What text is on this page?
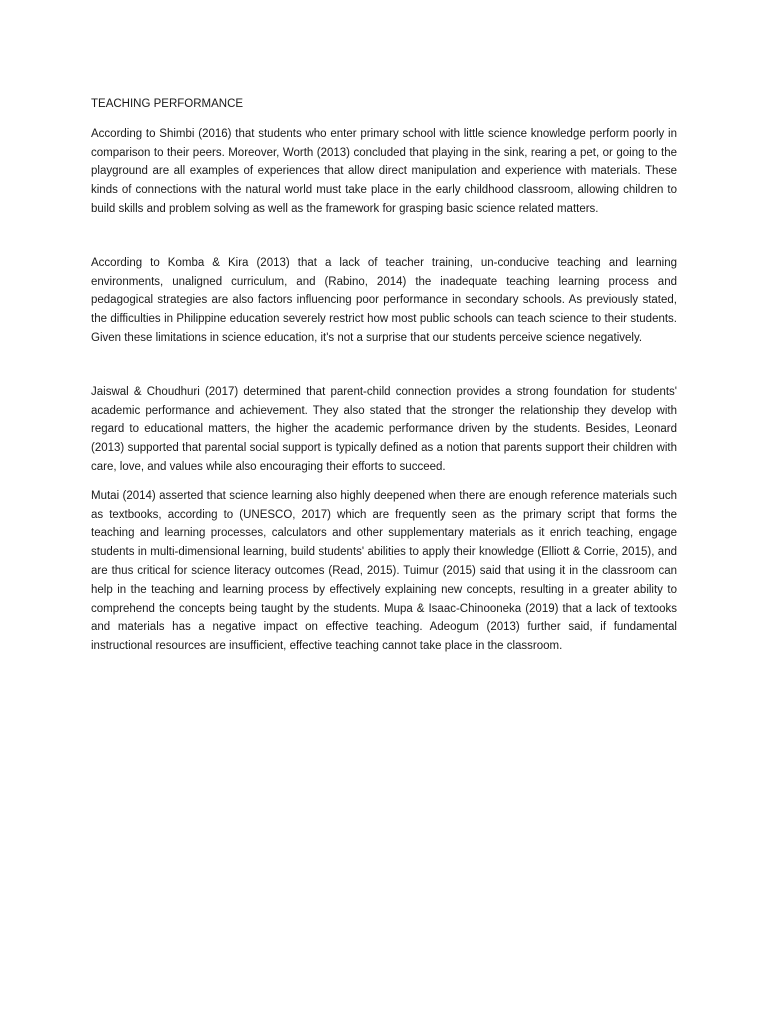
TEACHING PERFORMANCE

According to Shimbi (2016) that students who enter primary school with little science knowledge perform poorly in comparison to their peers. Moreover, Worth (2013) concluded that playing in the sink, rearing a pet, or going to the playground are all examples of experiences that allow direct manipulation and experience with materials. These kinds of connections with the natural world must take place in the early childhood classroom, allowing children to build skills and problem solving as well as the framework for grasping basic science related matters.

According to Komba & Kira (2013) that a lack of teacher training, un-conducive teaching and learning environments, unaligned curriculum, and (Rabino, 2014) the inadequate teaching learning process and pedagogical strategies are also factors influencing poor performance in secondary schools. As previously stated, the difficulties in Philippine education severely restrict how most public schools can teach science to their students. Given these limitations in science education, it's not a surprise that our students perceive science negatively.

Jaiswal & Choudhuri (2017) determined that parent-child connection provides a strong foundation for students' academic performance and achievement. They also stated that the stronger the relationship they develop with regard to educational matters, the higher the academic performance driven by the students. Besides, Leonard (2013) supported that parental social support is typically defined as a notion that parents support their children with care, love, and values while also encouraging their efforts to succeed.

Mutai (2014) asserted that science learning also highly deepened when there are enough reference materials such as textbooks, according to (UNESCO, 2017) which are frequently seen as the primary script that forms the teaching and learning processes, calculators and other supplementary materials as it enrich teaching, engage students in multi-dimensional learning, build students' abilities to apply their knowledge (Elliott & Corrie, 2015), and are thus critical for science literacy outcomes (Read, 2015). Tuimur (2015) said that using it in the classroom can help in the teaching and learning process by effectively explaining new concepts, resulting in a greater ability to comprehend the concepts being taught by the students. Mupa & Isaac-Chinooneka (2019) that a lack of textooks and materials has a negative impact on effective teaching. Adeogum (2013) further said, if fundamental instructional resources are insufficient, effective teaching cannot take place in the classroom.
